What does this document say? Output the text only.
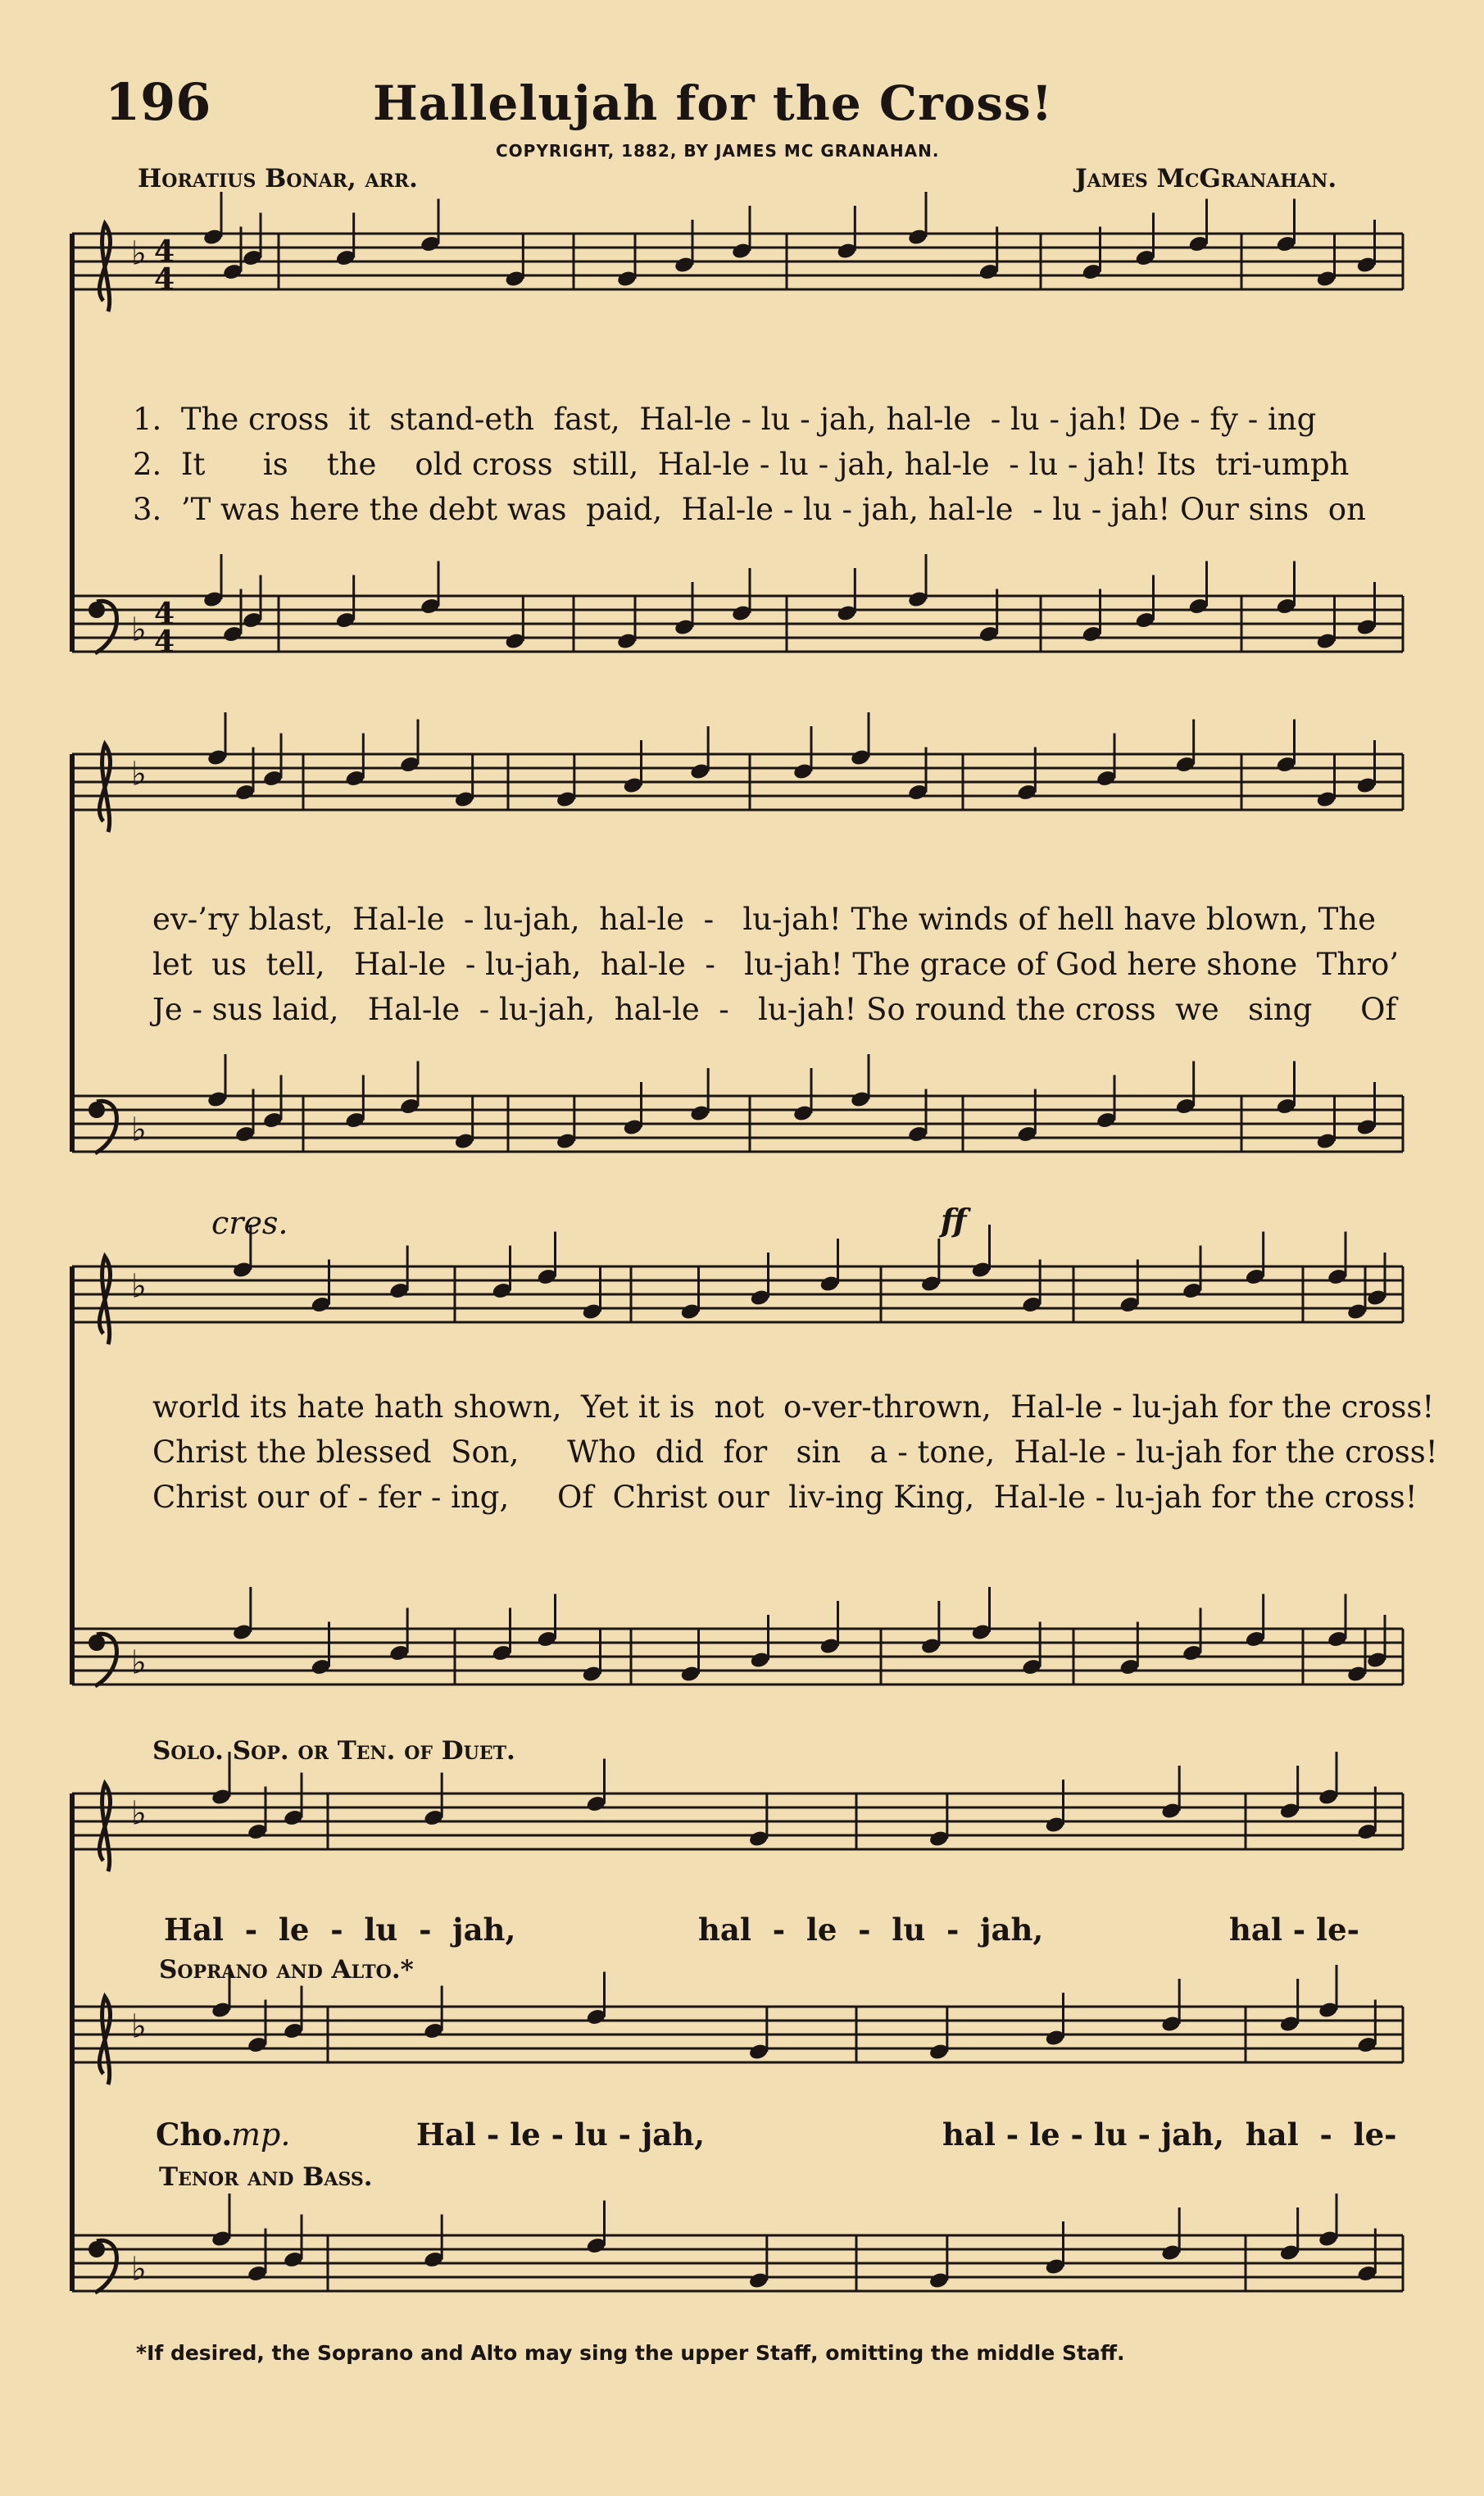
196	Hallelujah for the Cross!
COPYRIGHT, 1882, BY JAMES MC GRANAHAN.
Horatius Bonar, arr.	James McGranahan.
1.  The cross  it  stand-eth  fast,  Hal-le - lu - jah, hal-le  - lu - jah! De - fy - ing
2.  It      is    the    old cross  still,  Hal-le - lu - jah, hal-le  - lu - jah! Its  tri-umph
3.  ’T was here the debt was  paid,  Hal-le - lu - jah, hal-le  - lu - jah! Our sins  on
ev-’ry blast,  Hal-le  - lu-jah,  hal-le  -   lu-jah! The winds of hell have blown, The
let  us  tell,   Hal-le  - lu-jah,  hal-le  -   lu-jah! The grace of God here shone  Thro’
Je - sus laid,   Hal-le  - lu-jah,  hal-le  -   lu-jah! So round the cross  we   sing     Of
cres.	ff
world its hate hath shown,  Yet it is  not  o-ver-thrown,  Hal-le - lu-jah for the cross!
Christ the blessed  Son,     Who  did  for   sin   a - tone,  Hal-le - lu-jah for the cross!
Christ our of - fer - ing,     Of  Christ our  liv-ing King,  Hal-le - lu-jah for the cross!
Solo. Sop. or Ten. of Duet.
Hal  -  le  -  lu  -  jah,	hal  -  le  -  lu  -  jah,	hal - le-
Soprano and Alto.*
Cho.
mp.	Hal - le - lu - jah,	hal - le - lu - jah,  hal  -  le-
Tenor and Bass.
*If desired, the Soprano and Alto may sing the upper Staff, omitting the middle Staff.
♭
♭
♭
♭
♭
♭
♭
♭
♭
4
4
4
4
